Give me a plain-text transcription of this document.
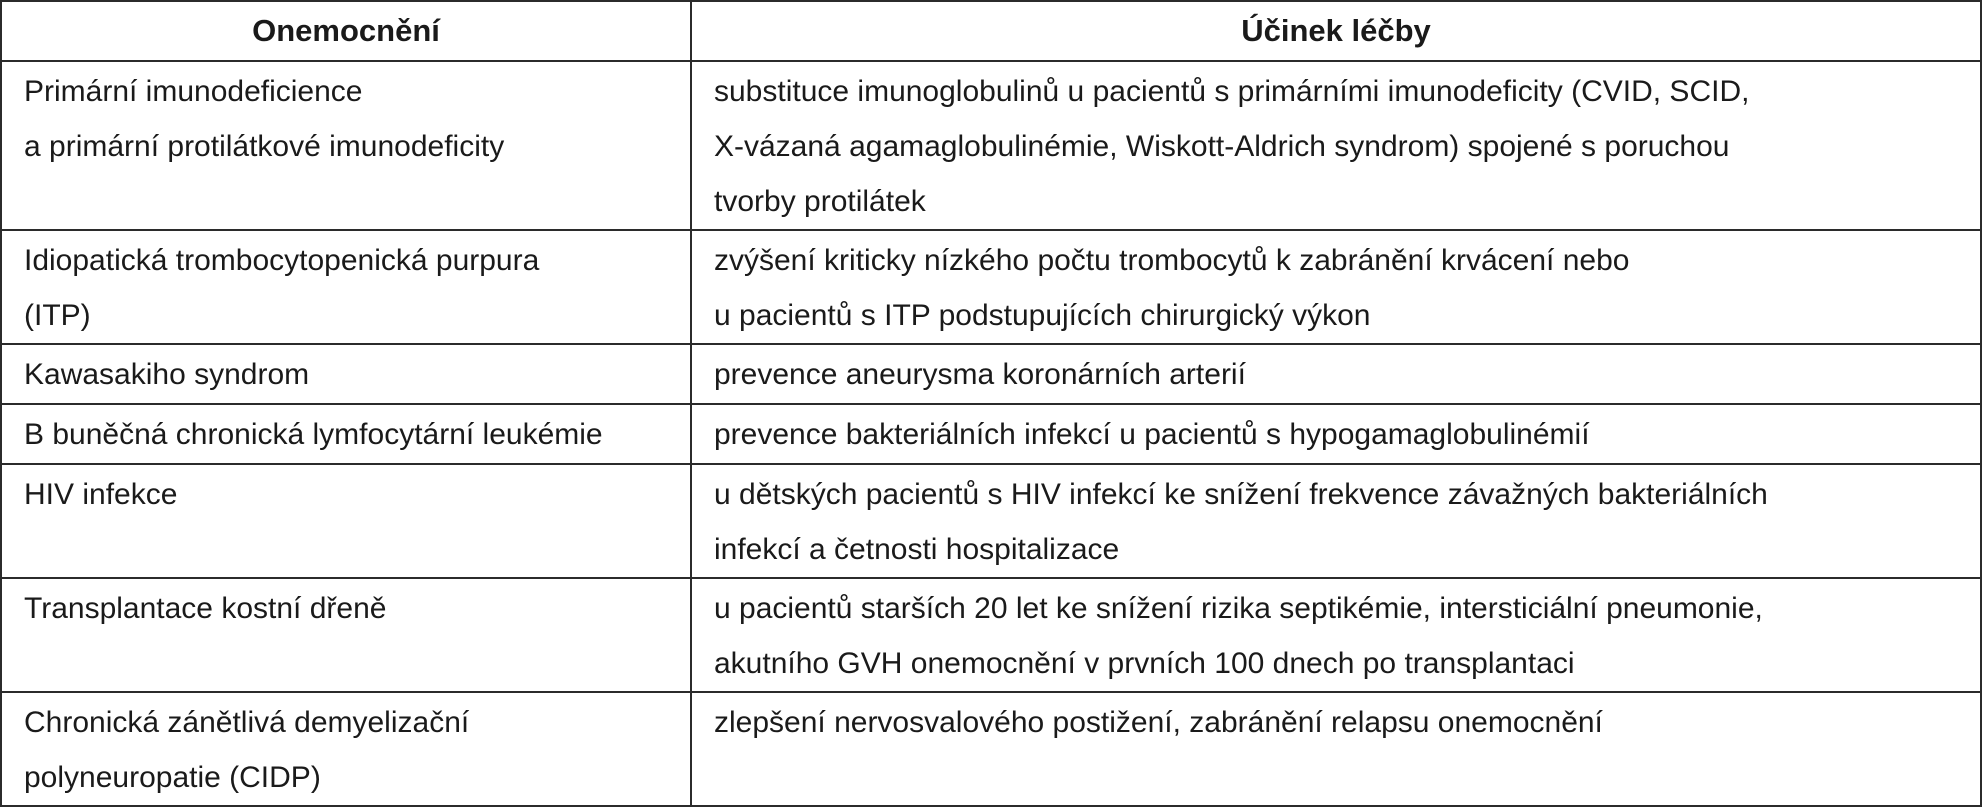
Onemocnění	Účinek léčby

Primární imunodeficience
a primární protilátkové imunodeficity	substituce imunoglobulinů u pacientů s primárními imunodeficity (CVID, SCID,
X-vázaná agamaglobulinémie, Wiskott-Aldrich syndrom) spojené s poruchou
tvorby protilátek

Idiopatická trombocytopenická purpura
(ITP)	zvýšení kriticky nízkého počtu trombocytů k zabránění krvácení nebo
u pacientů s ITP podstupujících chirurgický výkon

Kawasakiho syndrom	prevence aneurysma koronárních arterií

B buněčná chronická lymfocytární leukémie	prevence bakteriálních infekcí u pacientů s hypogamaglobulinémií

HIV infekce	u dětských pacientů s HIV infekcí ke snížení frekvence závažných bakteriálních
infekcí a četnosti hospitalizace

Transplantace kostní dřeně	u pacientů starších 20 let ke snížení rizika septikémie, intersticiální pneumonie,
akutního GVH onemocnění v prvních 100 dnech po transplantaci

Chronická zánětlivá demyelizační
polyneuropatie (CIDP)	zlepšení nervosvalového postižení, zabránění relapsu onemocnění
